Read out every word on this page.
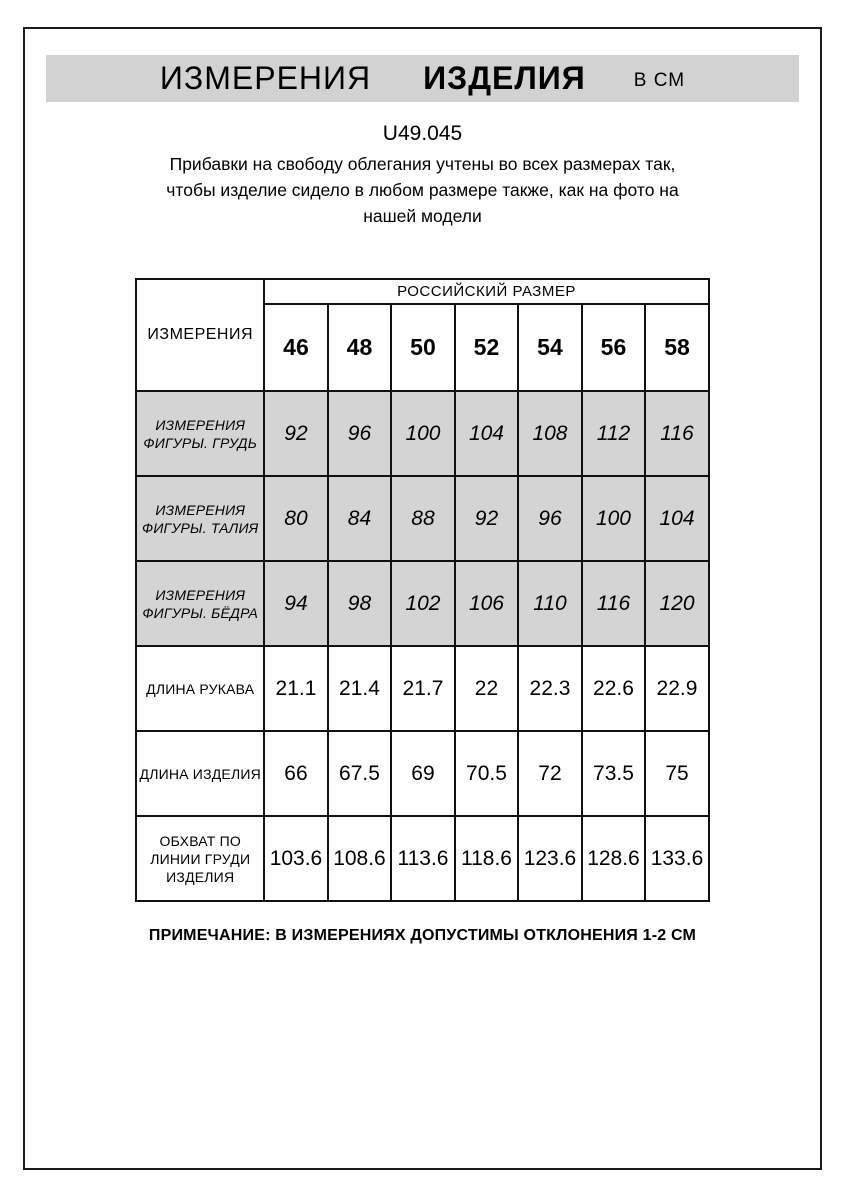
ИЗМЕРЕНИЯ ИЗДЕЛИЯ	В СМ
U49.045
Прибавки на свободу облегания учтены во всех размерах так,
чтобы изделие сидело в любом размере также, как на фото на
нашей модели
ИЗМЕРЕНИЯ	РОССИЙСКИЙ РАЗМЕР						
	46	48	50	52	54	56	58
ИЗМЕРЕНИЯ ФИГУРЫ. ГРУДЬ	92	96	100	104	108	112	116
ИЗМЕРЕНИЯ ФИГУРЫ. ТАЛИЯ	80	84	88	92	96	100	104
ИЗМЕРЕНИЯ ФИГУРЫ. БЁДРА	94	98	102	106	110	116	120
ДЛИНА РУКАВА	21.1	21.4	21.7	22	22.3	22.6	22.9
ДЛИНА ИЗДЕЛИЯ	66	67.5	69	70.5	72	73.5	75
ОБХВАТ ПО ЛИНИИ ГРУДИ ИЗДЕЛИЯ	103.6	108.6	113.6	118.6	123.6	128.6	133.6
ПРИМЕЧАНИЕ: В ИЗМЕРЕНИЯХ ДОПУСТИМЫ ОТКЛОНЕНИЯ 1-2 СМ
